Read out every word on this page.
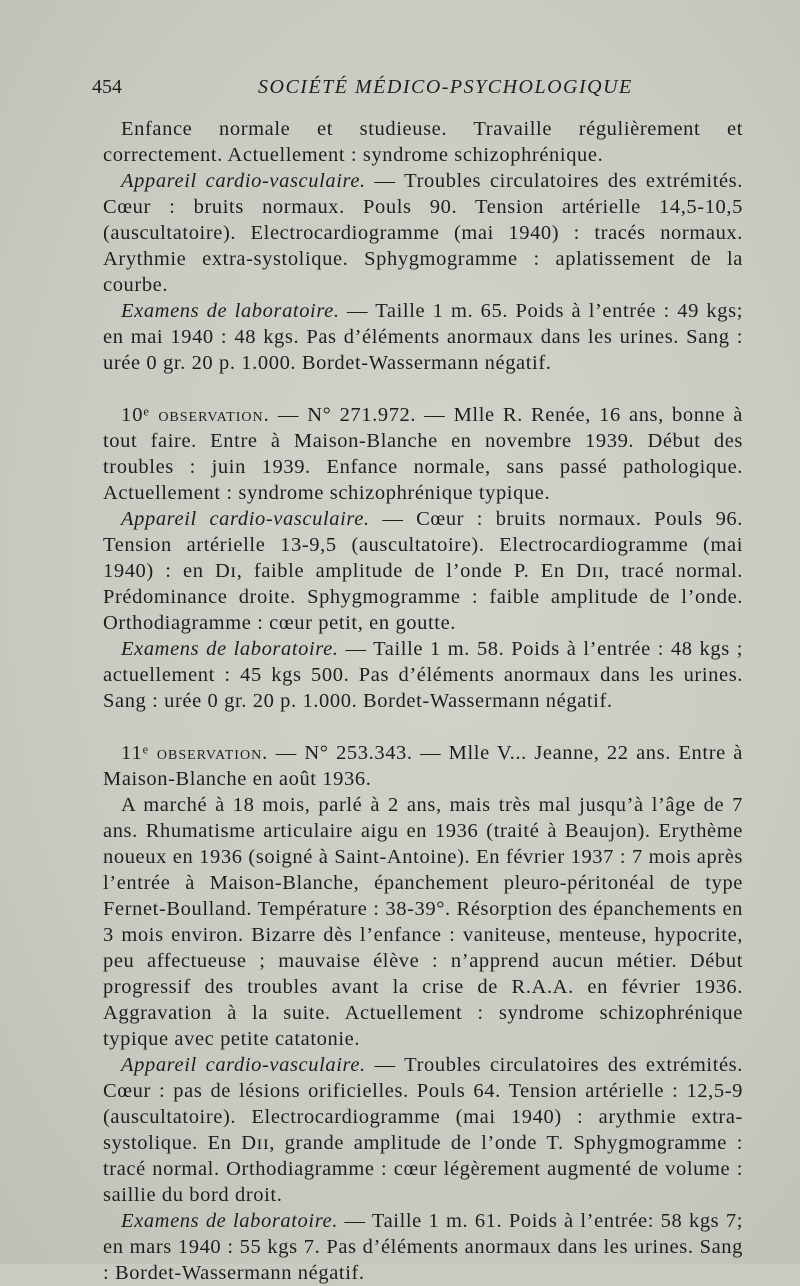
454	SOCIÉTÉ MÉDICO-PSYCHOLOGIQUE

Enfance normale et studieuse. Travaille régulièrement et correctement. Actuellement : syndrome schizophrénique.

Appareil cardio-vasculaire. — Troubles circulatoires des extrémités. Cœur : bruits normaux. Pouls 90. Tension artérielle 14,5-10,5 (auscultatoire). Electrocardiogramme (mai 1940) : tracés normaux. Arythmie extra-systolique. Sphygmogramme : aplatissement de la courbe.

Examens de laboratoire. — Taille 1 m. 65. Poids à l’entrée : 49 kgs; en mai 1940 : 48 kgs. Pas d’éléments anormaux dans les urines. Sang : urée 0 gr. 20 p. 1.000. Bordet-Wassermann négatif.

10ᵉ observation. — N° 271.972. — Mlle R. Renée, 16 ans, bonne à tout faire. Entre à Maison-Blanche en novembre 1939. Début des troubles : juin 1939. Enfance normale, sans passé pathologique. Actuellement : syndrome schizophrénique typique.

Appareil cardio-vasculaire. — Cœur : bruits normaux. Pouls 96. Tension artérielle 13-9,5 (auscultatoire). Electrocardiogramme (mai 1940) : en Dɪ, faible amplitude de l’onde P. En Dɪɪ, tracé normal. Prédominance droite. Sphygmogramme : faible amplitude de l’onde. Orthodiagramme : cœur petit, en goutte.

Examens de laboratoire. — Taille 1 m. 58. Poids à l’entrée : 48 kgs ; actuellement : 45 kgs 500. Pas d’éléments anormaux dans les urines. Sang : urée 0 gr. 20 p. 1.000. Bordet-Wassermann négatif.

11ᵉ observation. — N° 253.343. — Mlle V... Jeanne, 22 ans. Entre à Maison-Blanche en août 1936.

A marché à 18 mois, parlé à 2 ans, mais très mal jusqu’à l’âge de 7 ans. Rhumatisme articulaire aigu en 1936 (traité à Beaujon). Erythème noueux en 1936 (soigné à Saint-Antoine). En février 1937 : 7 mois après l’entrée à Maison-Blanche, épanchement pleuro-péritonéal de type Fernet-Boulland. Température : 38-39°. Résorption des épanchements en 3 mois environ. Bizarre dès l’enfance : vaniteuse, menteuse, hypocrite, peu affectueuse ; mauvaise élève : n’apprend aucun métier. Début progressif des troubles avant la crise de R.A.A. en février 1936. Aggravation à la suite. Actuellement : syndrome schizophrénique typique avec petite catatonie.

Appareil cardio-vasculaire. — Troubles circulatoires des extrémités. Cœur : pas de lésions orificielles. Pouls 64. Tension artérielle : 12,5-9 (auscultatoire). Electrocardiogramme (mai 1940) : arythmie extra-systolique. En Dɪɪ, grande amplitude de l’onde T. Sphygmogramme : tracé normal. Orthodiagramme : cœur légèrement augmenté de volume : saillie du bord droit.

Examens de laboratoire. — Taille 1 m. 61. Poids à l’entrée: 58 kgs 7; en mars 1940 : 55 kgs 7. Pas d’éléments anormaux dans les urines. Sang : Bordet-Wassermann négatif.
